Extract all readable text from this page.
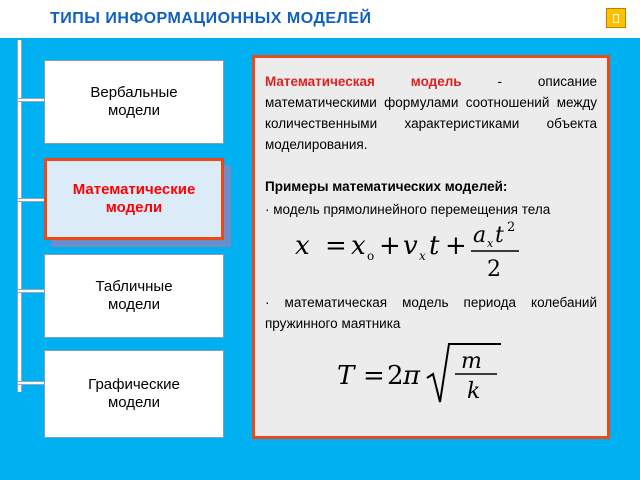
ТИПЫ ИНФОРМАЦИОННЫХ МОДЕЛЕЙ
Вербальные
модели
Математические
модели
Табличные
модели
Графические
модели
Математическая модель - описание математическими формулами соотношений между количественными характеристиками объекта моделирования.
Примеры математических моделей:
· модель прямолинейного перемещения тела
x = x o + v x t + a x t 2
2
· математическая модель периода колебаний пружинного маятника
T = 2 π m
k
